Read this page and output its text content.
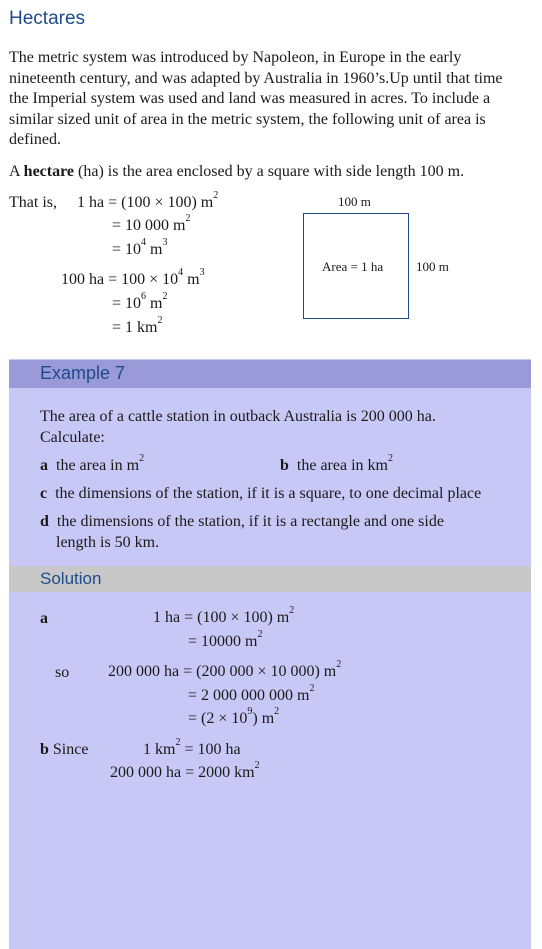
Hectares
The metric system was introduced by Napoleon, in Europe in the early nineteenth century, and was adapted by Australia in 1960’s.Up until that time the Imperial system was used and land was measured in acres. To include a similar sized unit of area in the metric system, the following unit of area is defined.
A hectare (ha) is the area enclosed by a square with side length 100 m.
That is, 1 ha = (100 × 100) $m^2$
= 10 000 $m^2$
= $10^4$ $m^3$
100 ha = $100 \times 10^4$ $m^3$
= $10^6$ $m^2$
= 1 $km^2$
100 m
Area = 1 ha	100 m
Example 7
The area of a cattle station in outback Australia is 200 000 ha.
Calculate:
a the area in $m^2$	b the area in $km^2$
c the dimensions of the station, if it is a square, to one decimal place
d the dimensions of the station, if it is a rectangle and one side
length is 50 km.
Solution
a	1 ha = (100 × 100) $m^2$
= 10000 $m^2$
so 200 000 ha = (200 000 × 10 000) $m^2$
= 2 000 000 000 $m^2$
= $(2 \times 10^9)$ $m^2$
b Since	1 $km^2 = 100$ ha
200 000 ha = 2000 $km^2$
